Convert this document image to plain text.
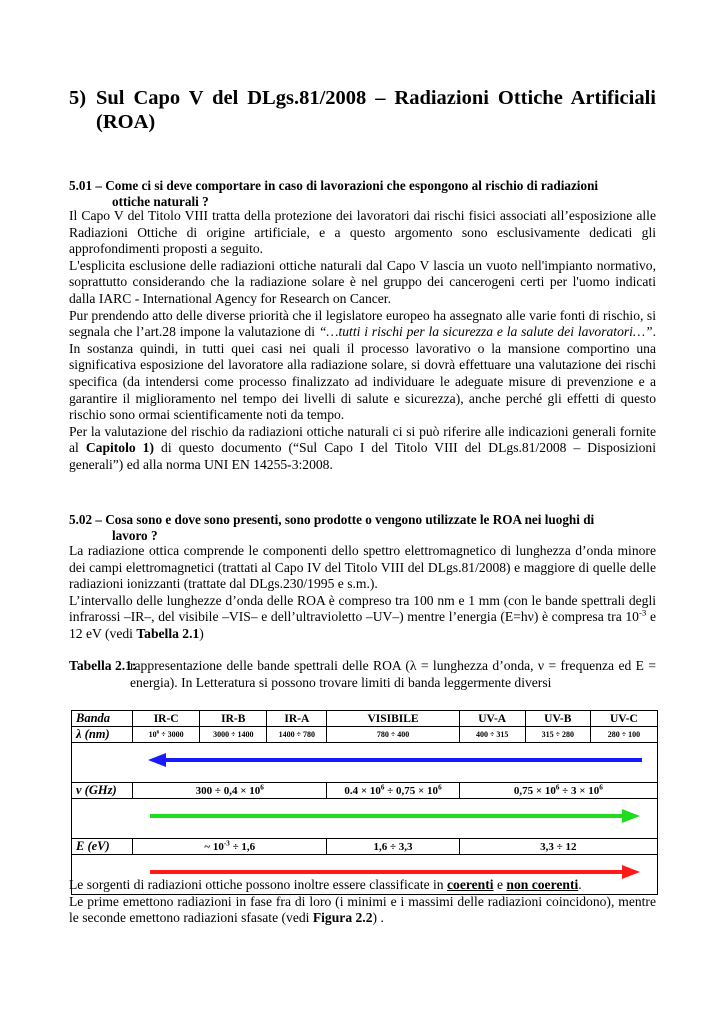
5) Sul Capo V del DLgs.81/2008 – Radiazioni Ottiche Artificiali (ROA)
5.01 – Come ci si deve comportare in caso di lavorazioni che espongono al rischio di radiazioni
ottiche naturali ?

Il Capo V del Titolo VIII tratta della protezione dei lavoratori dai rischi fisici associati all’esposizione alle Radiazioni Ottiche di origine artificiale, e a questo argomento sono esclusivamente dedicati gli approfondimenti proposti a seguito.

L'esplicita esclusione delle radiazioni ottiche naturali dal Capo V lascia un vuoto nell'impianto normativo, soprattutto considerando che la radiazione solare è nel gruppo dei cancerogeni certi per l'uomo indicati dalla IARC - International Agency for Research on Cancer.

Pur prendendo atto delle diverse priorità che il legislatore europeo ha assegnato alle varie fonti di rischio, si segnala che l’art.28 impone la valutazione di “…tutti i rischi per la sicurezza e la salute dei lavoratori…”. In sostanza quindi, in tutti quei casi nei quali il processo lavorativo o la mansione comportino una significativa esposizione del lavoratore alla radiazione solare, si dovrà effettuare una valutazione dei rischi specifica (da intendersi come processo finalizzato ad individuare le adeguate misure di prevenzione e a garantire il miglioramento nel tempo dei livelli di salute e sicurezza), anche perché gli effetti di questo rischio sono ormai scientificamente noti da tempo.

Per la valutazione del rischio da radiazioni ottiche naturali ci si può riferire alle indicazioni generali fornite al Capitolo 1) di questo documento (“Sul Capo I del Titolo VIII del DLgs.81/2008 – Disposizioni generali”) ed alla norma UNI EN 14255-3:2008.

5.02 – Cosa sono e dove sono presenti, sono prodotte o vengono utilizzate le ROA nei luoghi di
lavoro ?

La radiazione ottica comprende le componenti dello spettro elettromagnetico di lunghezza d’onda minore dei campi elettromagnetici (trattati al Capo IV del Titolo VIII del DLgs.81/2008) e maggiore di quelle delle radiazioni ionizzanti (trattate dal DLgs.230/1995 e s.m.).

L’intervallo delle lunghezze d’onda delle ROA è compreso tra 100 nm e 1 mm (con le bande spettrali degli infrarossi –IR–, del visibile –VIS– e dell’ultravioletto –UV–) mentre l’energia (E=hν) è compresa tra $10^{-3}$ e 12 eV (vedi Tabella 2.1)

Tabella 2.1:
rappresentazione delle bande spettrali delle ROA (λ = lunghezza d’onda, ν = frequenza ed E = energia). In Letteratura si possono trovare limiti di banda leggermente diversi
Banda	IR-C	IR-B	IR-A	VISIBILE	UV-A	UV-B	UV-C
λ (nm)	$10^6 \div 3000$	3000 ÷ 1400	1400 ÷ 780	780 ÷ 400	400 ÷ 315	315 ÷ 280	280 ÷ 100

ν (GHz)	$300 \div 0,4 \times 10^6$			$0.4 \times 10^6 \div 0,75 \times 10^6$	$0,75 \times 10^6 \div 3 \times 10^6$

E (eV)	~ $10^{-3} \div 1,6$			1,6 ÷ 3,3	3,3 ÷ 12		

Le sorgenti di radiazioni ottiche possono inoltre essere classificate in coerenti e non coerenti.

Le prime emettono radiazioni in fase fra di loro (i minimi e i massimi delle radiazioni coincidono), mentre le seconde emettono radiazioni sfasate (vedi Figura 2.2) .
